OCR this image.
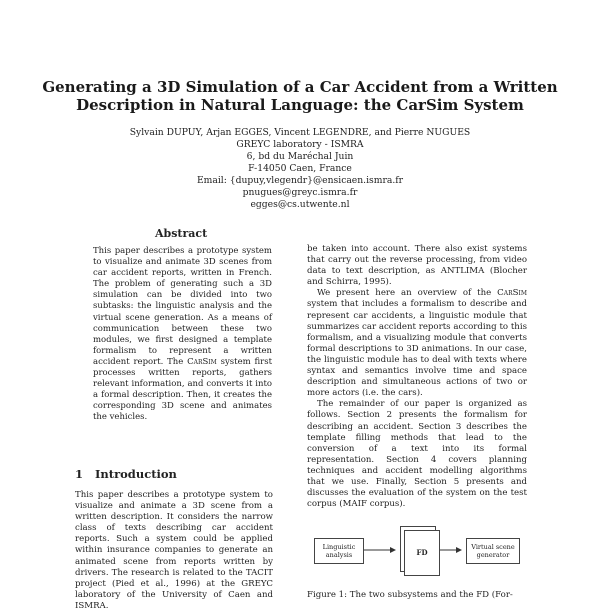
Generating a 3D Simulation of a Car Accident from a Written
Description in Natural Language: the CarSim System
Sylvain DUPUY, Arjan EGGES, Vincent LEGENDRE, and Pierre NUGUES
GREYC laboratory - ISMRA
6, bd du Maréchal Juin
F-14050 Caen, France
Email: {dupuy,vlegendr}@ensicaen.ismra.fr
pnugues@greyc.ismra.fr
egges@cs.utwente.nl
Abstract

This paper describes a prototype system to visualize and animate 3D scenes from car accident reports, written in French. The problem of generating such a 3D simulation can be divided into two subtasks: the linguistic analysis and the virtual scene generation. As a means of communication between these two modules, we first designed a template formalism to represent a written accident report. The CarSim system first processes written reports, gathers relevant information, and converts it into a formal description. Then, it creates the corresponding 3D scene and animates the vehicles.

1 Introduction

This paper describes a prototype system to visualize and animate a 3D scene from a written description. It considers the narrow class of texts describing car accident reports. Such a system could be applied within insurance companies to generate an animated scene from reports written by drivers. The research is related to the TACIT project (Pied et al., 1996) at the GREYC laboratory of the University of Caen and ISMRA.

be taken into account. There also exist systems that carry out the reverse processing, from video data to text description, as ANTLIMA (Blocher and Schirra, 1995).

We present here an overview of the CarSim system that includes a formalism to describe and represent car accidents, a linguistic module that summarizes car accident reports according to this formalism, and a visualizing module that converts formal descriptions to 3D animations. In our case, the linguistic module has to deal with texts where syntax and semantics involve time and space description and simultaneous actions of two or more actors (i.e. the cars).

The remainder of our paper is organized as follows. Section 2 presents the formalism for describing an accident. Section 3 describes the template filling methods that lead to the conversion of a text into its formal representation. Section 4 covers planning techniques and accident modelling algorithms that we use. Finally, Section 5 presents and discusses the evaluation of the system on the test corpus (MAIF corpus).

Linguistic analysis	FD
Virtual scene generator
Figure 1: The two subsystems and the FD (For-
